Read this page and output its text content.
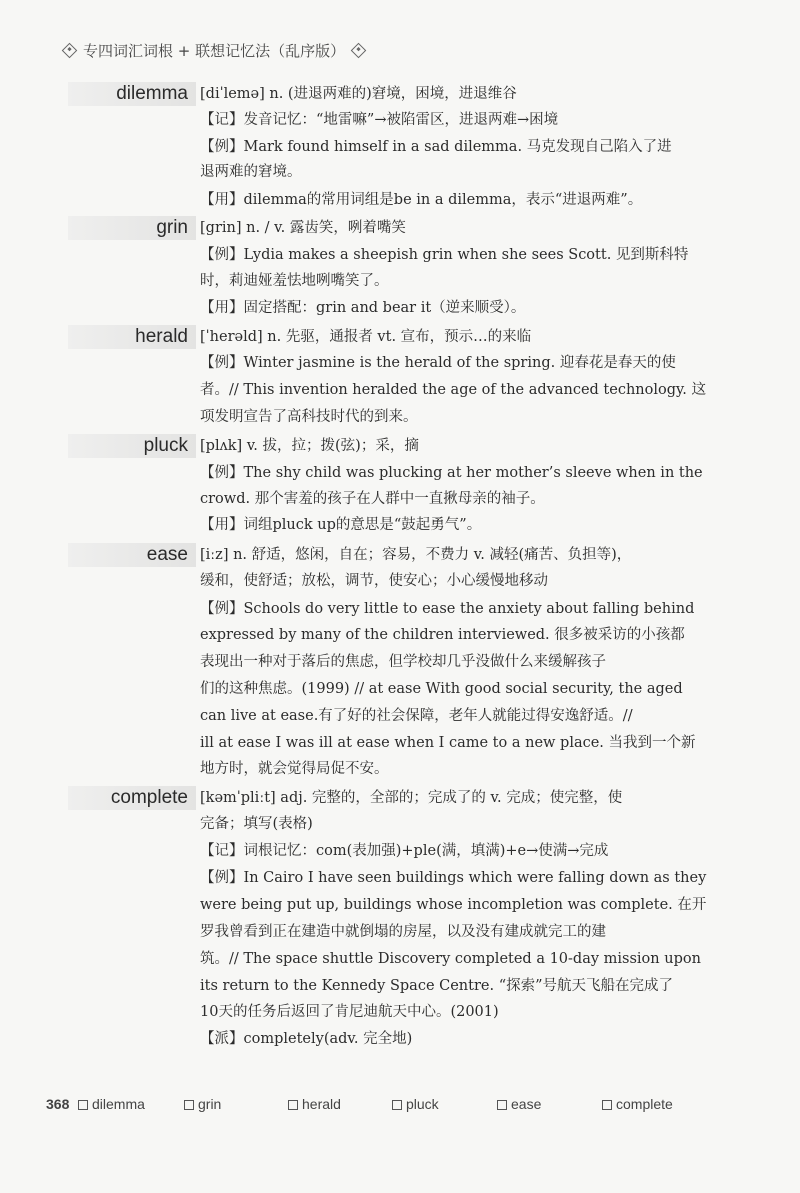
专四词汇词根 + 联想记忆法（乱序版）
dilemma [diˈlemə] n. (进退两难的)窘境，困境，进退维谷
【记】发音记忆：“地雷嘛”→被陷雷区，进退两难→困境
【例】Mark found himself in a sad dilemma. 马克发现自己陷入了进
退两难的窘境。
【用】dilemma的常用词组是be in a dilemma，表示“进退两难”。
grin [grin] n. / v. 露齿笑，咧着嘴笑
【例】Lydia makes a sheepish grin when she sees Scott. 见到斯科特
时，莉迪娅羞怯地咧嘴笑了。
【用】固定搭配：grin and bear it（逆来顺受）。
herald [ˈherəld] n. 先驱，通报者 vt. 宣布，预示…的来临
【例】Winter jasmine is the herald of the spring. 迎春花是春天的使
者。// This invention heralded the age of the advanced technology. 这
项发明宣告了高科技时代的到来。
pluck [plʌk] v. 拔，拉；拨(弦)；采，摘
【例】The shy child was plucking at her mother’s sleeve when in the
crowd. 那个害羞的孩子在人群中一直揪母亲的袖子。
【用】词组pluck up的意思是“鼓起勇气”。
ease [iːz] n. 舒适，悠闲，自在；容易，不费力 v. 减轻(痛苦、负担等)，
缓和，使舒适；放松，调节，使安心；小心缓慢地移动
【例】Schools do very little to ease the anxiety about falling behind
expressed by many of the children interviewed. 很多被采访的小孩都
表现出一种对于落后的焦虑，但学校却几乎没做什么来缓解孩子
们的这种焦虑。(1999) // at ease With good social security, the aged
can live at ease.有了好的社会保障，老年人就能过得安逸舒适。//
ill at ease I was ill at ease when I came to a new place. 当我到一个新
地方时，就会觉得局促不安。
complete [kəmˈpliːt] adj. 完整的，全部的；完成了的 v. 完成；使完整，使
完备；填写(表格)
【记】词根记忆：com(表加强)+ple(满，填满)+e→使满→完成
【例】In Cairo I have seen buildings which were falling down as they
were being put up, buildings whose incompletion was complete. 在开
罗我曾看到正在建造中就倒塌的房屋，以及没有建成就完工的建
筑。// The space shuttle Discovery completed a 10-day mission upon
its return to the Kennedy Space Centre. “探索”号航天飞船在完成了
10天的任务后返回了肯尼迪航天中心。(2001)
【派】completely(adv. 完全地)
368	dilemma	grin	herald	pluck	ease	complete
